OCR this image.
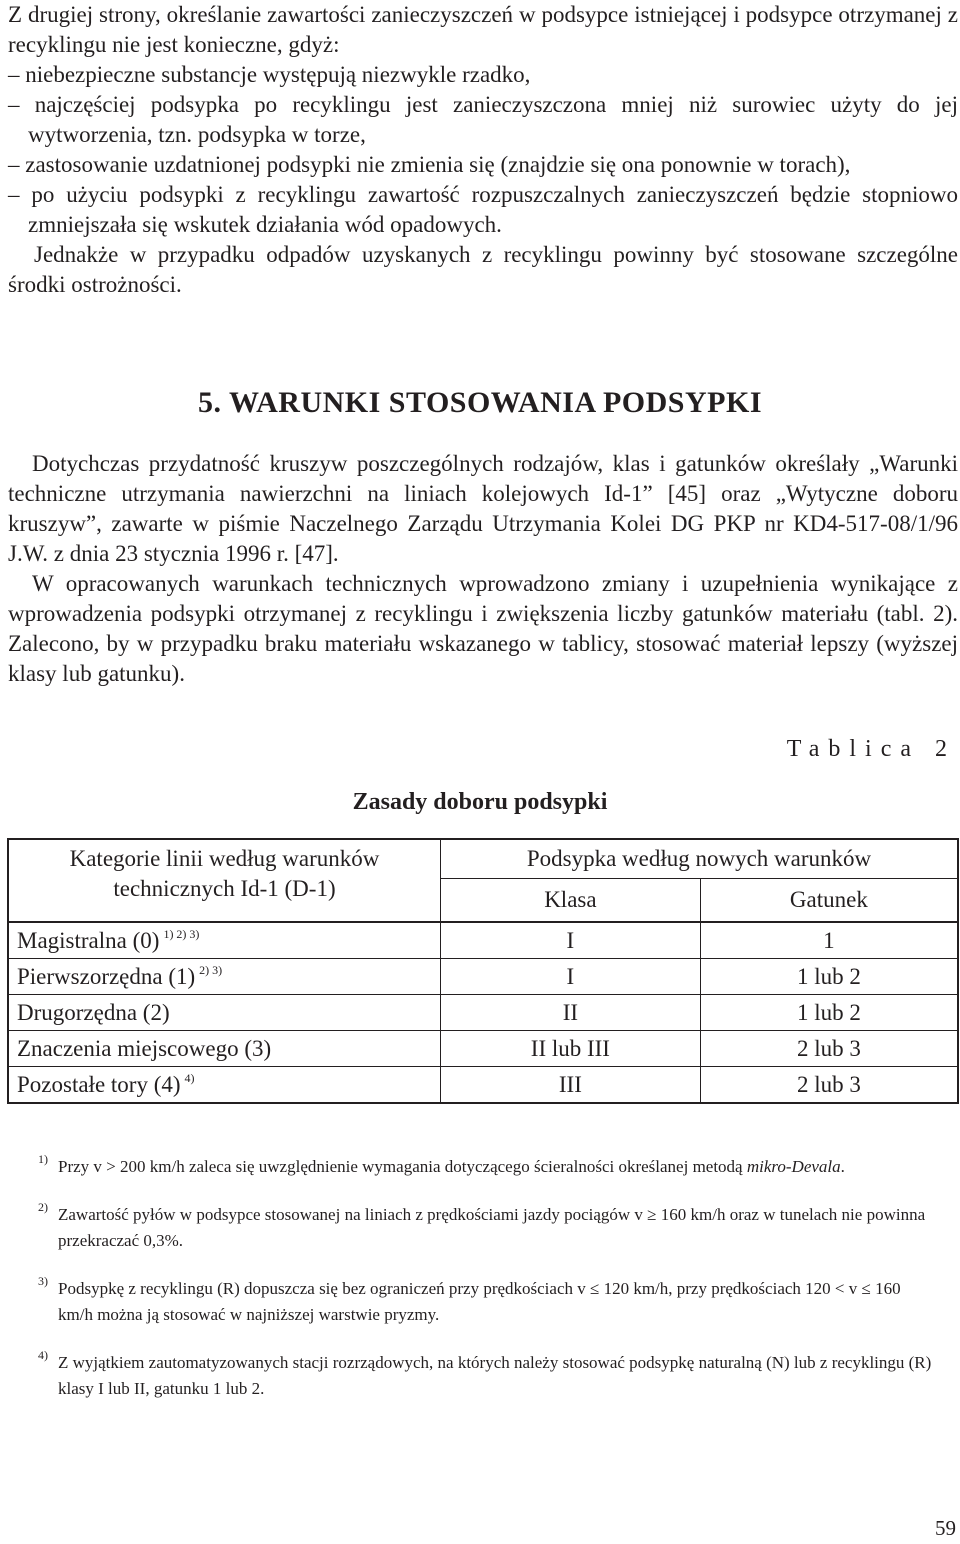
Z drugiej strony, określanie zawartości zanieczyszczeń w podsypce istniejącej i podsypce otrzymanej z recyklingu nie jest konieczne, gdyż:

– niebezpieczne substancje występują niezwykle rzadko,

– najczęściej podsypka po recyklingu jest zanieczyszczona mniej niż surowiec użyty do jej wytworzenia, tzn. podsypka w torze,

– zastosowanie uzdatnionej podsypki nie zmienia się (znajdzie się ona ponownie w torach),

– po użyciu podsypki z recyklingu zawartość rozpuszczalnych zanieczyszczeń będzie stopniowo zmniejszała się wskutek działania wód opadowych.

Jednakże w przypadku odpadów uzyskanych z recyklingu powinny być stosowane szczególne środki ostrożności.

5. WARUNKI STOSOWANIA PODSYPKI

Dotychczas przydatność kruszyw poszczególnych rodzajów, klas i gatunków określały „Warunki techniczne utrzymania nawierzchni na liniach kolejowych Id-1” [45] oraz „Wytyczne doboru kruszyw”, zawarte w piśmie Naczelnego Zarządu Utrzymania Kolei DG PKP nr KD4-517-08/1/96 J.W. z dnia 23 stycznia 1996 r. [47].

W opracowanych warunkach technicznych wprowadzono zmiany i uzupełnienia wynikające z wprowadzenia podsypki otrzymanej z recyklingu i zwiększenia liczby gatunków materiału (tabl. 2). Zalecono, by w przypadku braku materiału wskazanego w tablicy, stosować materiał lepszy (wyższej klasy lub gatunku).

Tablica 2

Zasady doboru podsypki

Kategorie linii według warunków technicznych Id-1 (D-1)	Podsypka według nowych warunków	
	Klasa	Gatunek
Magistralna (0) $^{1) 2) 3)}$	I	1
Pierwszorzędna (1) $^{2) 3)}$	I	1 lub 2
Drugorzędna (2)	II	1 lub 2
Znaczenia miejscowego (3)	II lub III	2 lub 3
Pozostałe tory (4) $^{4)}$	III	2 lub 3

1) Przy v > 200 km/h zaleca się uwzględnienie wymagania dotyczącego ścieralności określanej metodą mikro-Devala.

2) Zawartość pyłów w podsypce stosowanej na liniach z prędkościami jazdy pociągów v ≥ 160 km/h oraz w tunelach nie powinna przekraczać 0,3%.

3) Podsypkę z recyklingu (R) dopuszcza się bez ograniczeń przy prędkościach v ≤ 120 km/h, przy prędkościach 120 < v ≤ 160 km/h można ją stosować w najniższej warstwie pryzmy.

4) Z wyjątkiem zautomatyzowanych stacji rozrządowych, na których należy stosować podsypkę naturalną (N) lub z recyklingu (R) klasy I lub II, gatunku 1 lub 2.

59
